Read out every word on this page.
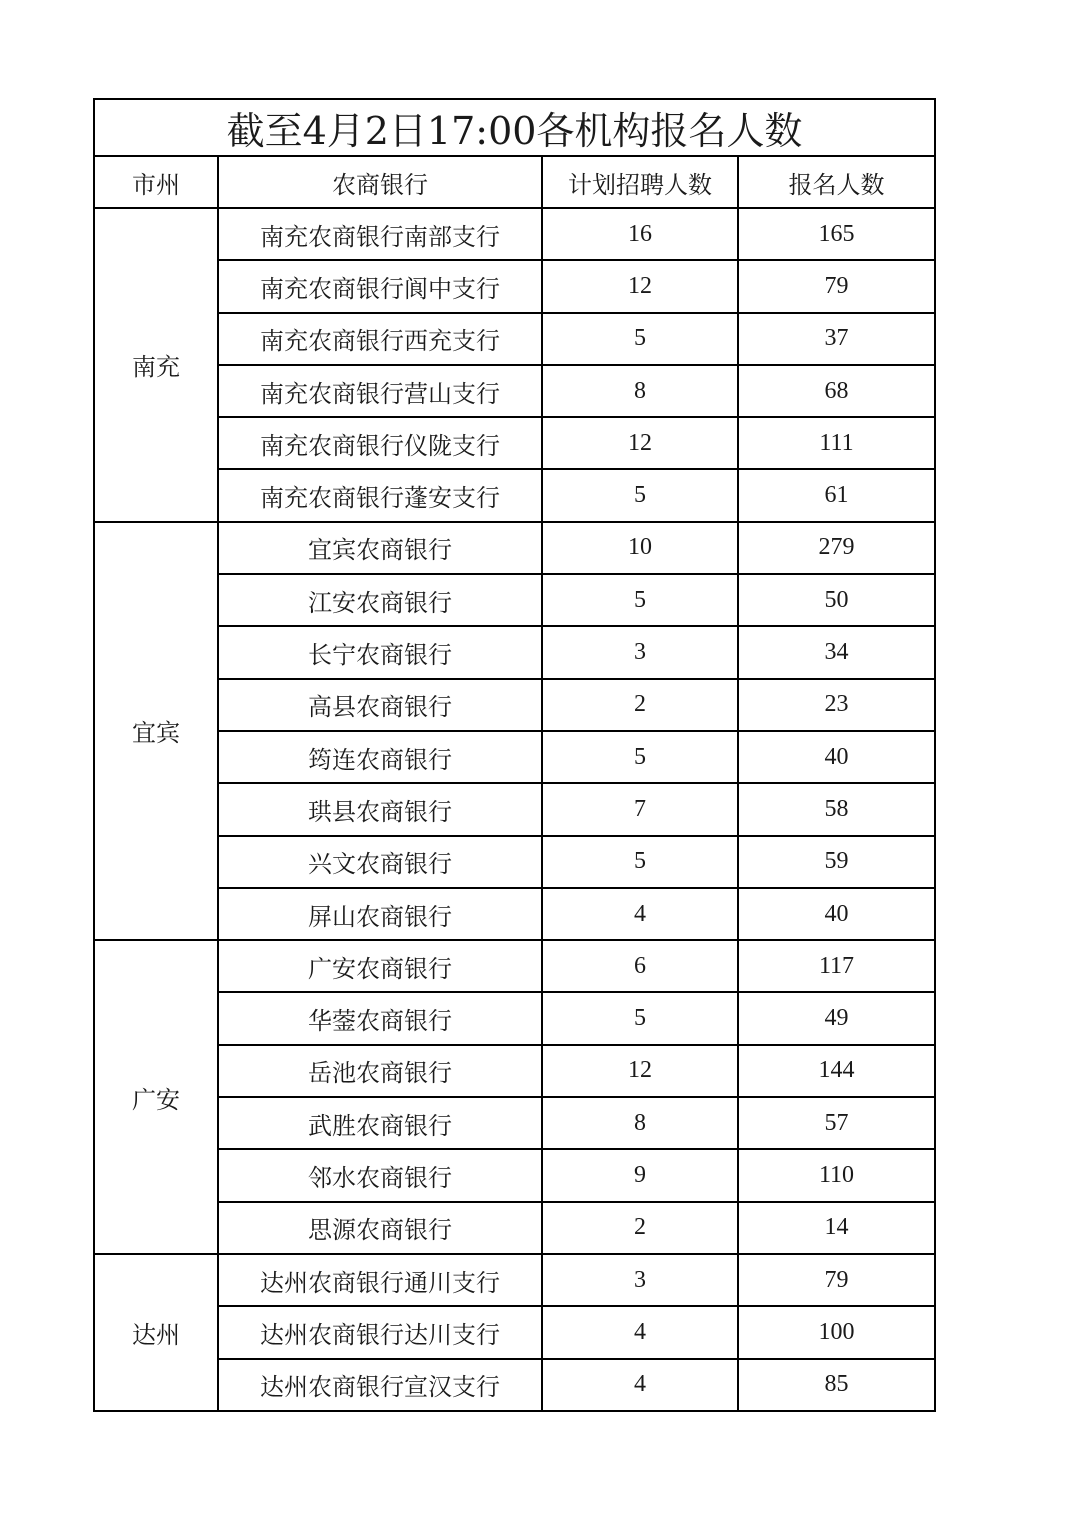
截至4月2日17:00各机构报名人数			
市州	农商银行	计划招聘人数	报名人数
南充	南充农商银行南部支行	16	165
	南充农商银行阆中支行	12	79
	南充农商银行西充支行	5	37
	南充农商银行营山支行	8	68
	南充农商银行仪陇支行	12	111
	南充农商银行蓬安支行	5	61
宜宾	宜宾农商银行	10	279
	江安农商银行	5	50
	长宁农商银行	3	34
	高县农商银行	2	23
	筠连农商银行	5	40
	珙县农商银行	7	58
	兴文农商银行	5	59
	屏山农商银行	4	40
广安	广安农商银行	6	117
	华蓥农商银行	5	49
	岳池农商银行	12	144
	武胜农商银行	8	57
	邻水农商银行	9	110
	思源农商银行	2	14
达州	达州农商银行通川支行	3	79
	达州农商银行达川支行	4	100
	达州农商银行宣汉支行	4	85
